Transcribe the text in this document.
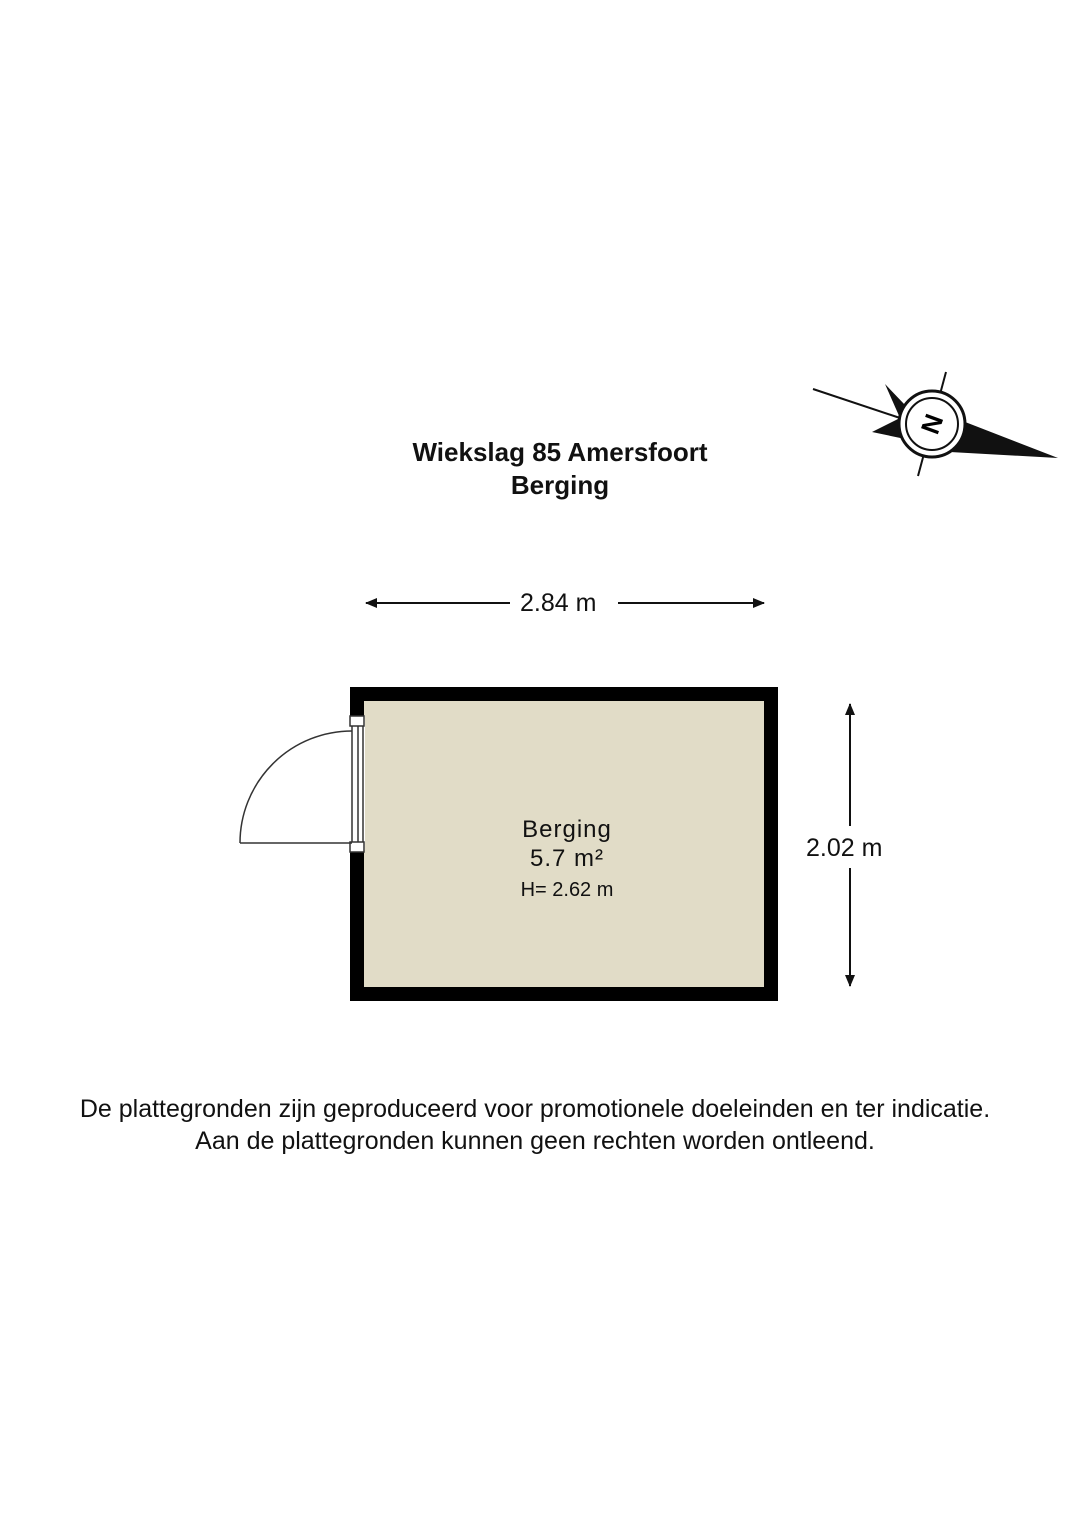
N
Wiekslag 85 Amersfoort
Berging
2.84 m
2.02 m
Berging
5.7 m²
H= 2.62 m
De plattegronden zijn geproduceerd voor promotionele doeleinden en ter indicatie.
Aan de plattegronden kunnen geen rechten worden ontleend.
